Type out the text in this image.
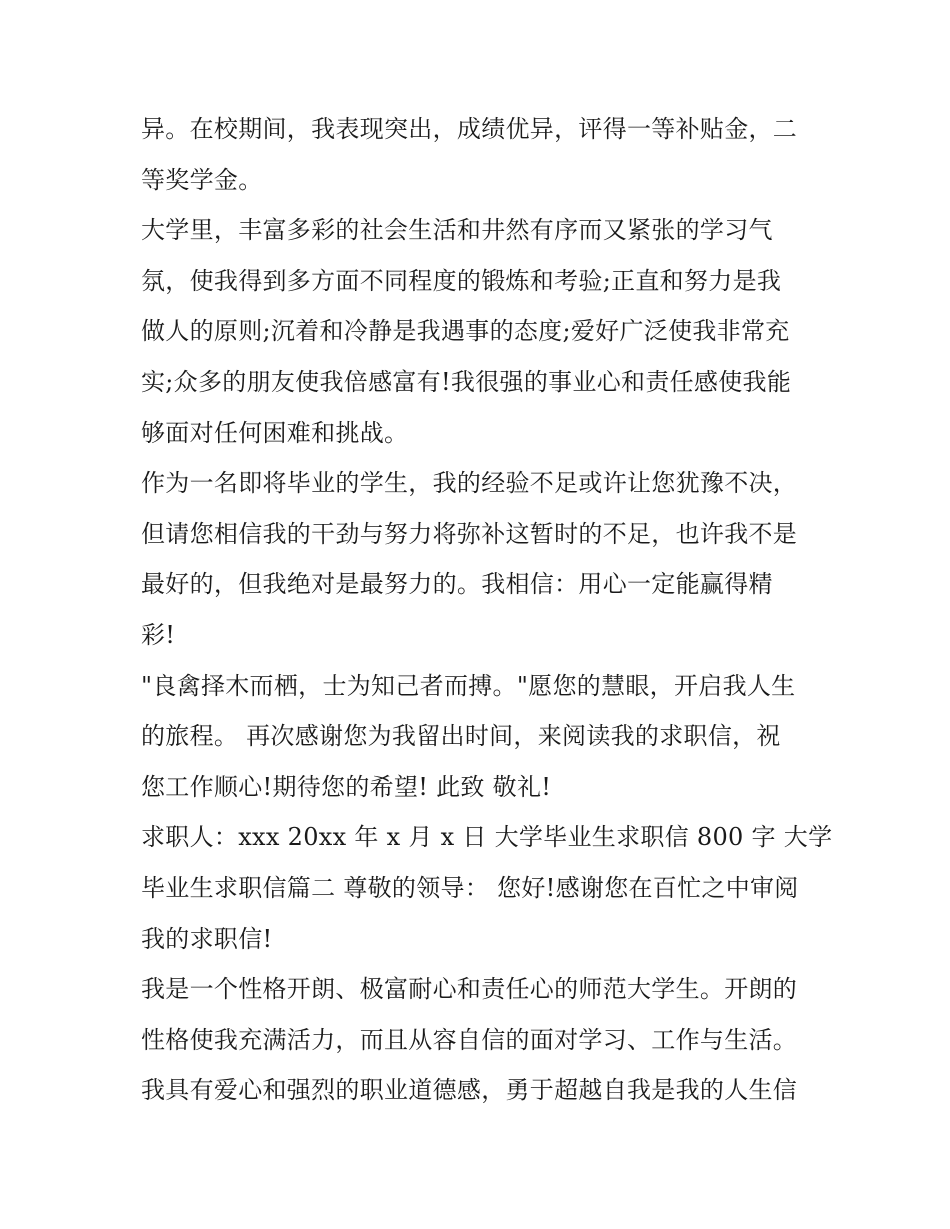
异。在校期间，我表现突出，成绩优异，评得一等补贴金，二
等奖学金。
大学里，丰富多彩的社会生活和井然有序而又紧张的学习气
氛，使我得到多方面不同程度的锻炼和考验;正直和努力是我
做人的原则;沉着和冷静是我遇事的态度;爱好广泛使我非常充
实;众多的朋友使我倍感富有!我很强的事业心和责任感使我能
够面对任何困难和挑战。
作为一名即将毕业的学生，我的经验不足或许让您犹豫不决，
但请您相信我的干劲与努力将弥补这暂时的不足，也许我不是
最好的，但我绝对是最努力的。我相信：用心一定能赢得精
彩!
"良禽择木而栖，士为知己者而搏。"愿您的慧眼，开启我人生
的旅程。 再次感谢您为我留出时间，来阅读我的求职信，祝
您工作顺心!期待您的希望! 此致 敬礼!
求职人：xxx 20xx 年 x 月 x 日 大学毕业生求职信 800 字 大学
毕业生求职信篇二 尊敬的领导： 您好!感谢您在百忙之中审阅
我的求职信!
我是一个性格开朗、极富耐心和责任心的师范大学生。开朗的
性格使我充满活力，而且从容自信的面对学习、工作与生活。
我具有爱心和强烈的职业道德感，勇于超越自我是我的人生信
